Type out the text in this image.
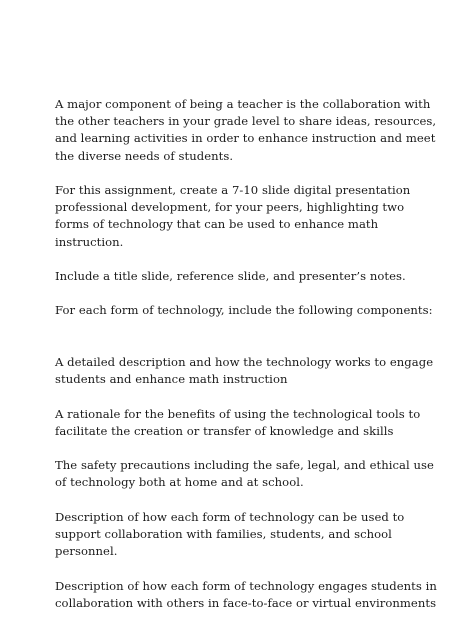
A major component of being a teacher is the collaboration with
the other teachers in your grade level to share ideas, resources,
and learning activities in order to enhance instruction and meet
the diverse needs of students.

For this assignment, create a 7-10 slide digital presentation
professional development, for your peers, highlighting two
forms of technology that can be used to enhance math
instruction.

Include a title slide, reference slide, and presenter’s notes.

For each form of technology, include the following components:

A detailed description and how the technology works to engage
students and enhance math instruction

A rationale for the benefits of using the technological tools to
facilitate the creation or transfer of knowledge and skills

The safety precautions including the safe, legal, and ethical use
of technology both at home and at school.

Description of how each form of technology can be used to
support collaboration with families, students, and school
personnel.

Description of how each form of technology engages students in
collaboration with others in face-to-face or virtual environments
